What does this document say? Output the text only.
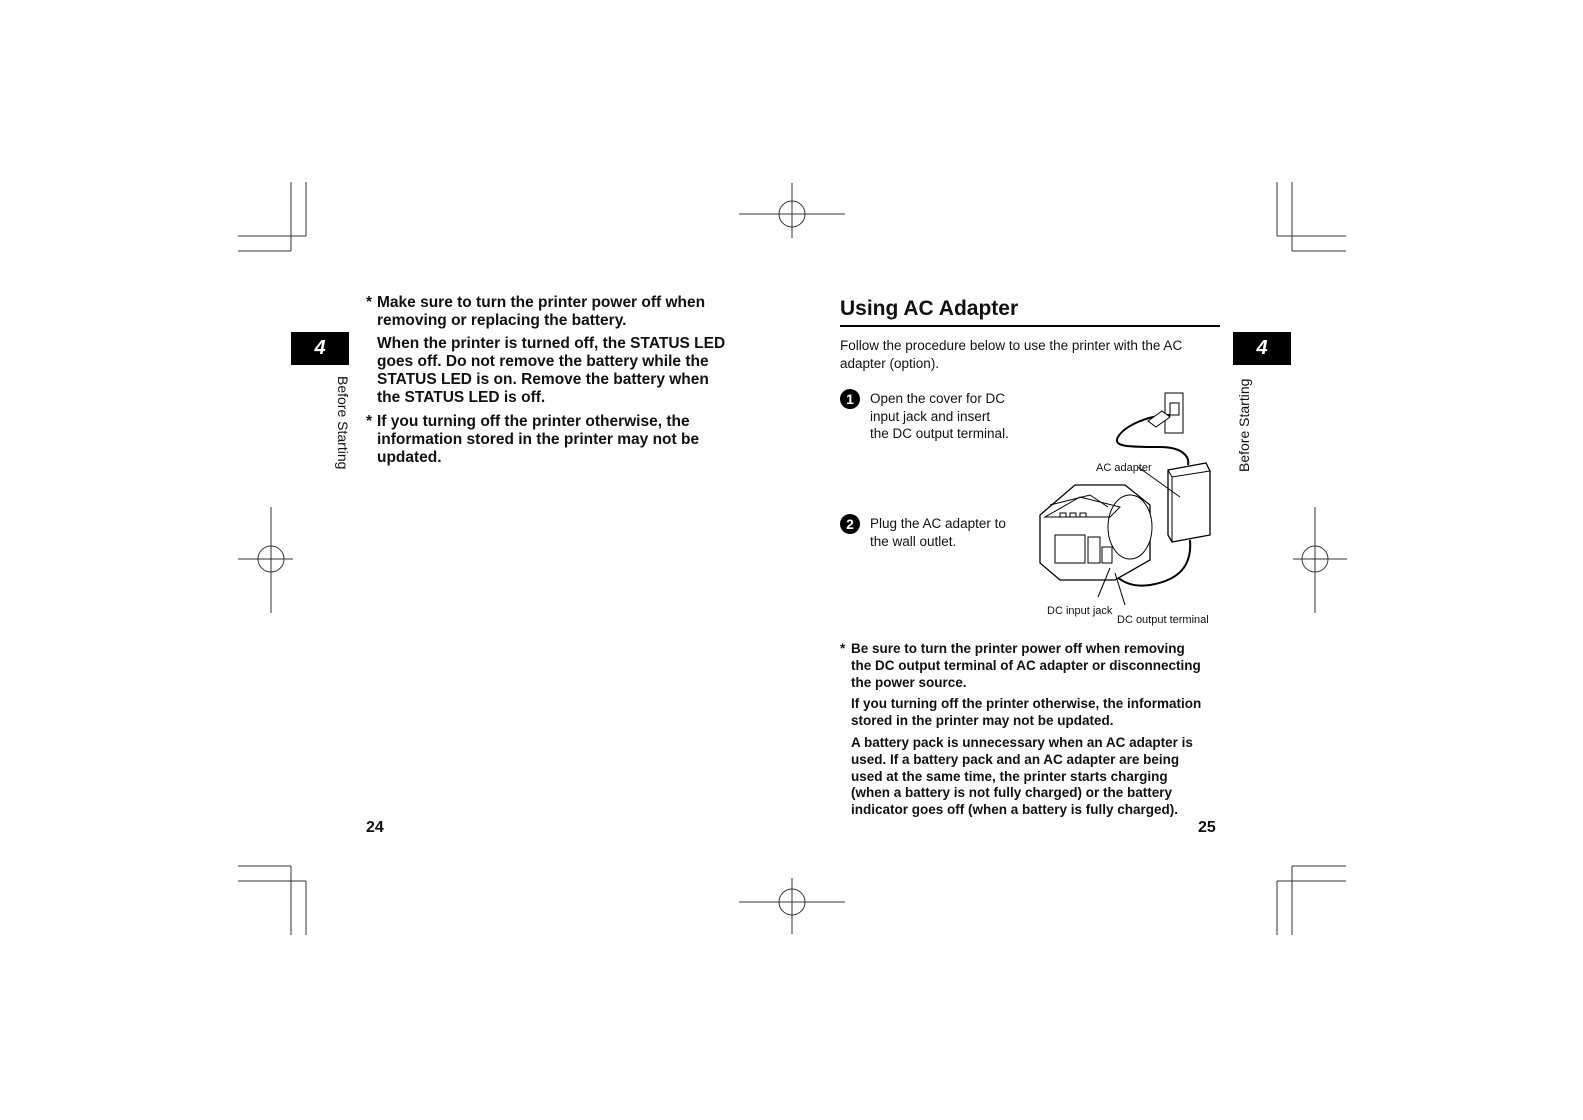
4
Before Starting
* Make sure to turn the printer power off when

removing or replacing the battery.

When the printer is turned off, the STATUS LED

goes off. Do not remove the battery while the

STATUS LED is on. Remove the battery when

the STATUS LED is off.

* If you turning off the printer otherwise, the

information stored in the printer may not be

updated.

24
Using AC Adapter
Follow the procedure below to use the printer with the AC
adapter (option).
1	Open the cover for DC
input jack and insert
the DC output terminal.
2	Plug the AC adapter to
the wall outlet.
AC adapter
DC input jack
DC output terminal
* Be sure to turn the printer power off when removing

the DC output terminal of AC adapter or disconnecting

the power source.

If you turning off the printer otherwise, the information

stored in the printer may not be updated.

A battery pack is unnecessary when an AC adapter is

used. If a battery pack and an AC adapter are being

used at the same time, the printer starts charging

(when a battery is not fully charged) or the battery

indicator goes off (when a battery is fully charged).

25
4
Before Starting
